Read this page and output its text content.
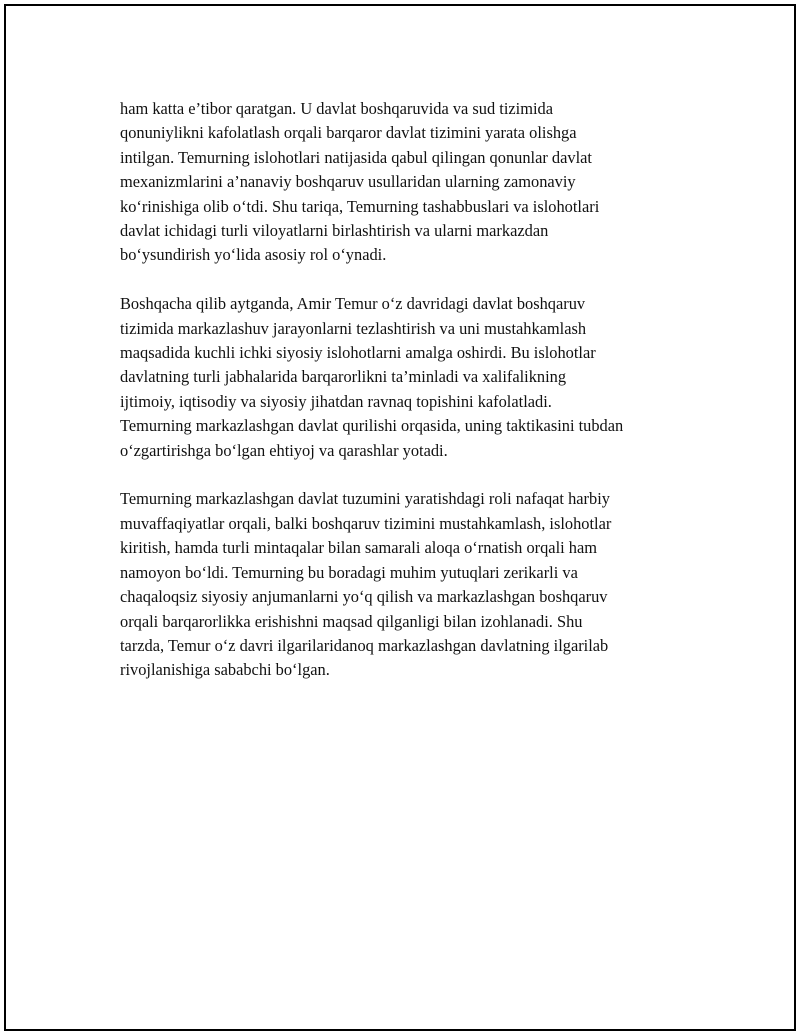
ham katta e’tibor qaratgan. U davlat boshqaruvida va sud tizimida
qonuniylikni kafolatlash orqali barqaror davlat tizimini yarata olishga
intilgan. Temurning islohotlari natijasida qabul qilingan qonunlar davlat
mexanizmlarini a’nanaviy boshqaruv usullaridan ularning zamonaviy
ko‘rinishiga olib o‘tdi. Shu tariqa, Temurning tashabbuslari va islohotlari
davlat ichidagi turli viloyatlarni birlashtirish va ularni markazdan
bo‘ysundirish yo‘lida asosiy rol o‘ynadi.

Boshqacha qilib aytganda, Amir Temur o‘z davridagi davlat boshqaruv
tizimida markazlashuv jarayonlarni tezlashtirish va uni mustahkamlash
maqsadida kuchli ichki siyosiy islohotlarni amalga oshirdi. Bu islohotlar
davlatning turli jabhalarida barqarorlikni ta’minladi va xalifalikning
ijtimoiy, iqtisodiy va siyosiy jihatdan ravnaq topishini kafolatladi.
Temurning markazlashgan davlat qurilishi orqasida, uning taktikasini tubdan
o‘zgartirishga bo‘lgan ehtiyoj va qarashlar yotadi.

Temurning markazlashgan davlat tuzumini yaratishdagi roli nafaqat harbiy
muvaffaqiyatlar orqali, balki boshqaruv tizimini mustahkamlash, islohotlar
kiritish, hamda turli mintaqalar bilan samarali aloqa o‘rnatish orqali ham
namoyon bo‘ldi. Temurning bu boradagi muhim yutuqlari zerikarli va
chaqaloqsiz siyosiy anjumanlarni yo‘q qilish va markazlashgan boshqaruv
orqali barqarorlikka erishishni maqsad qilganligi bilan izohlanadi. Shu
tarzda, Temur o‘z davri ilgarilaridanoq markazlashgan davlatning ilgarilab
rivojlanishiga sababchi bo‘lgan.
